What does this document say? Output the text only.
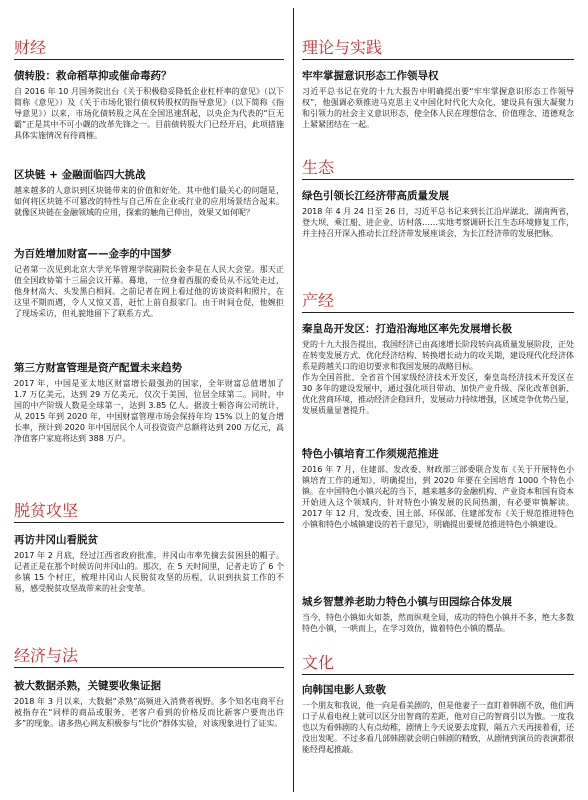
财经
债转股：救命稻草抑或催命毒药？
自 2016 年 10 月国务院出台《关于积极稳妥降低企业杠杆率的意见》（以下简称《意见》）及《关于市场化银行债权转股权的指导意见》（以下简称《指导意见》）以来，市场化债转股之风在全国迅速刮起，以央企为代表的“巨无霸”正是其中不可小觑的改革先锋之一。目前债转股大门已经开启，此项措施具体实施情况有待商榷。
区块链 + 金融面临四大挑战
越来越多的人意识到区块链带来的价值和好处。其中他们最关心的问题是，如何将区块链不可篡改的特性与自己所在企业或行业的应用场景结合起来。就像区块链在金融领域的应用，探索的触角已伸出，效果又如何呢？
为百姓增加财富——金李的中国梦
记者第一次见到北京大学光华管理学院副院长金李是在人民大会堂。那天正值全国政协第十三届会议开幕。蓦地，一位身着西服的委员从不远处走过，他身材高大、头发黑白相间。之前记者在网上看过他的访谈资料和照片，在这里不期而遇，令人又惊又喜，赶忙上前自报家门。由于时间仓促，他婉拒了现场采访，但礼貌地留下了联系方式。
第三方财富管理是资产配置未来趋势
2017 年，中国是亚太地区财富增长最强劲的国家，全年财富总值增加了 1.7 万亿美元，达到 29 万亿美元，仅次于美国，位居全球第二。同时，中国的中产阶级人数是全球第一，达到 3.85 亿人。据波士顿咨询公司统计，从 2015 年到 2020 年，中国财富管理市场会保持年均 15% 以上的复合增长率，预计到 2020 年中国居民个人可投资资产总额将达到 200 万亿元，高净值客户家庭将达到 388 万户。
脱贫攻坚
再访井冈山看脱贫
2017 年 2 月底，经过江西省政府批准，井冈山市率先摘去贫困县的帽子。记者正是在那个时候访问井冈山的。那次，在 5 天时间里，记者走访了 6 个乡镇 15 个村庄，梳理井冈山人民脱贫攻坚的历程，认识到扶贫工作的不易，感受脱贫攻坚战带来的社会变革。
经济与法
被大数据杀熟，关键要收集证据
2018 年 3 月以来，大数据“杀熟”高频进入消费者视野。多个知名电商平台被指存在“同样的商品或服务，老客户看到的价格反而比新客户要贵出许多”的现象。诸多热心网友积极参与“比价”群体实验，对该现象进行了证实。
理论与实践
牢牢掌握意识形态工作领导权
习近平总书记在党的十九大报告中明确提出要“牢牢掌握意识形态工作领导权”，他强调必须推进马克思主义中国化时代化大众化，建设具有强大凝聚力和引领力的社会主义意识形态，使全体人民在理想信念、价值理念、道德观念上紧紧团结在一起。
生态
绿色引领长江经济带高质量发展
2018 年 4 月 24 日至 26 日，习近平总书记来到长江沿岸湖北、湖南两省，登大坝、乘江船、进企业、访村落……实地考察调研长江生态环境修复工作，并主持召开深入推动长江经济带发展座谈会，为长江经济带的发展把脉。
产经
秦皇岛开发区：打造沿海地区率先发展增长极
党的十九大报告提出，我国经济已由高速增长阶段转向高质量发展阶段，正处在转变发展方式、优化经济结构、转换增长动力的攻关期，建设现代化经济体系是跨越关口的迫切要求和我国发展的战略目标。
作为全国首批、全省首个国家级经济技术开发区，秦皇岛经济技术开发区在 30 多年的建设发展中，通过强化项目带动、加快产业升级、深化改革创新、优化营商环境，推动经济企稳回升，发展动力持续增强，区域竞争优势凸显，发展质量显著提升。
特色小镇培育工作须规范推进
2016 年 7 月，住建部、发改委、财政部三部委联合发布《关于开展特色小镇培育工作的通知》，明确提出，到 2020 年要在全国培育 1000 个特色小镇。在中国特色小镇兴起的当下，越来越多的金融机构、产业资本和国有资本开始进入这个领域内，针对特色小镇发展的民间热潮，有必要审慎解读。2017 年 12 月，发改委、国土部、环保部、住建部发布《关于规范推进特色小镇和特色小城镇建设的若干意见》，明确提出要规范推进特色小镇建设。
城乡智慧养老助力特色小镇与田园综合体发展
当今，特色小镇如火如荼，然而纵观全局，成功的特色小镇并不多，绝大多数特色小镇，一哄而上，在学习效仿，做着特色小镇的赝品。
文化
向韩国电影人致敬
一个朋友和我说，他一向是看美剧的，但是他妻子一直盯着韩剧不放，他们两口子从看电视上就可以区分出智商的差距，他对自己的智商引以为傲。一度我也以为看韩剧的人有点幼稚，剧情上今天说要去度假，隔五六天再接着看，还没出发呢。不过多看几部韩剧就会明白韩剧的精致，从剧情到演员的表演都很能经得起推敲。
